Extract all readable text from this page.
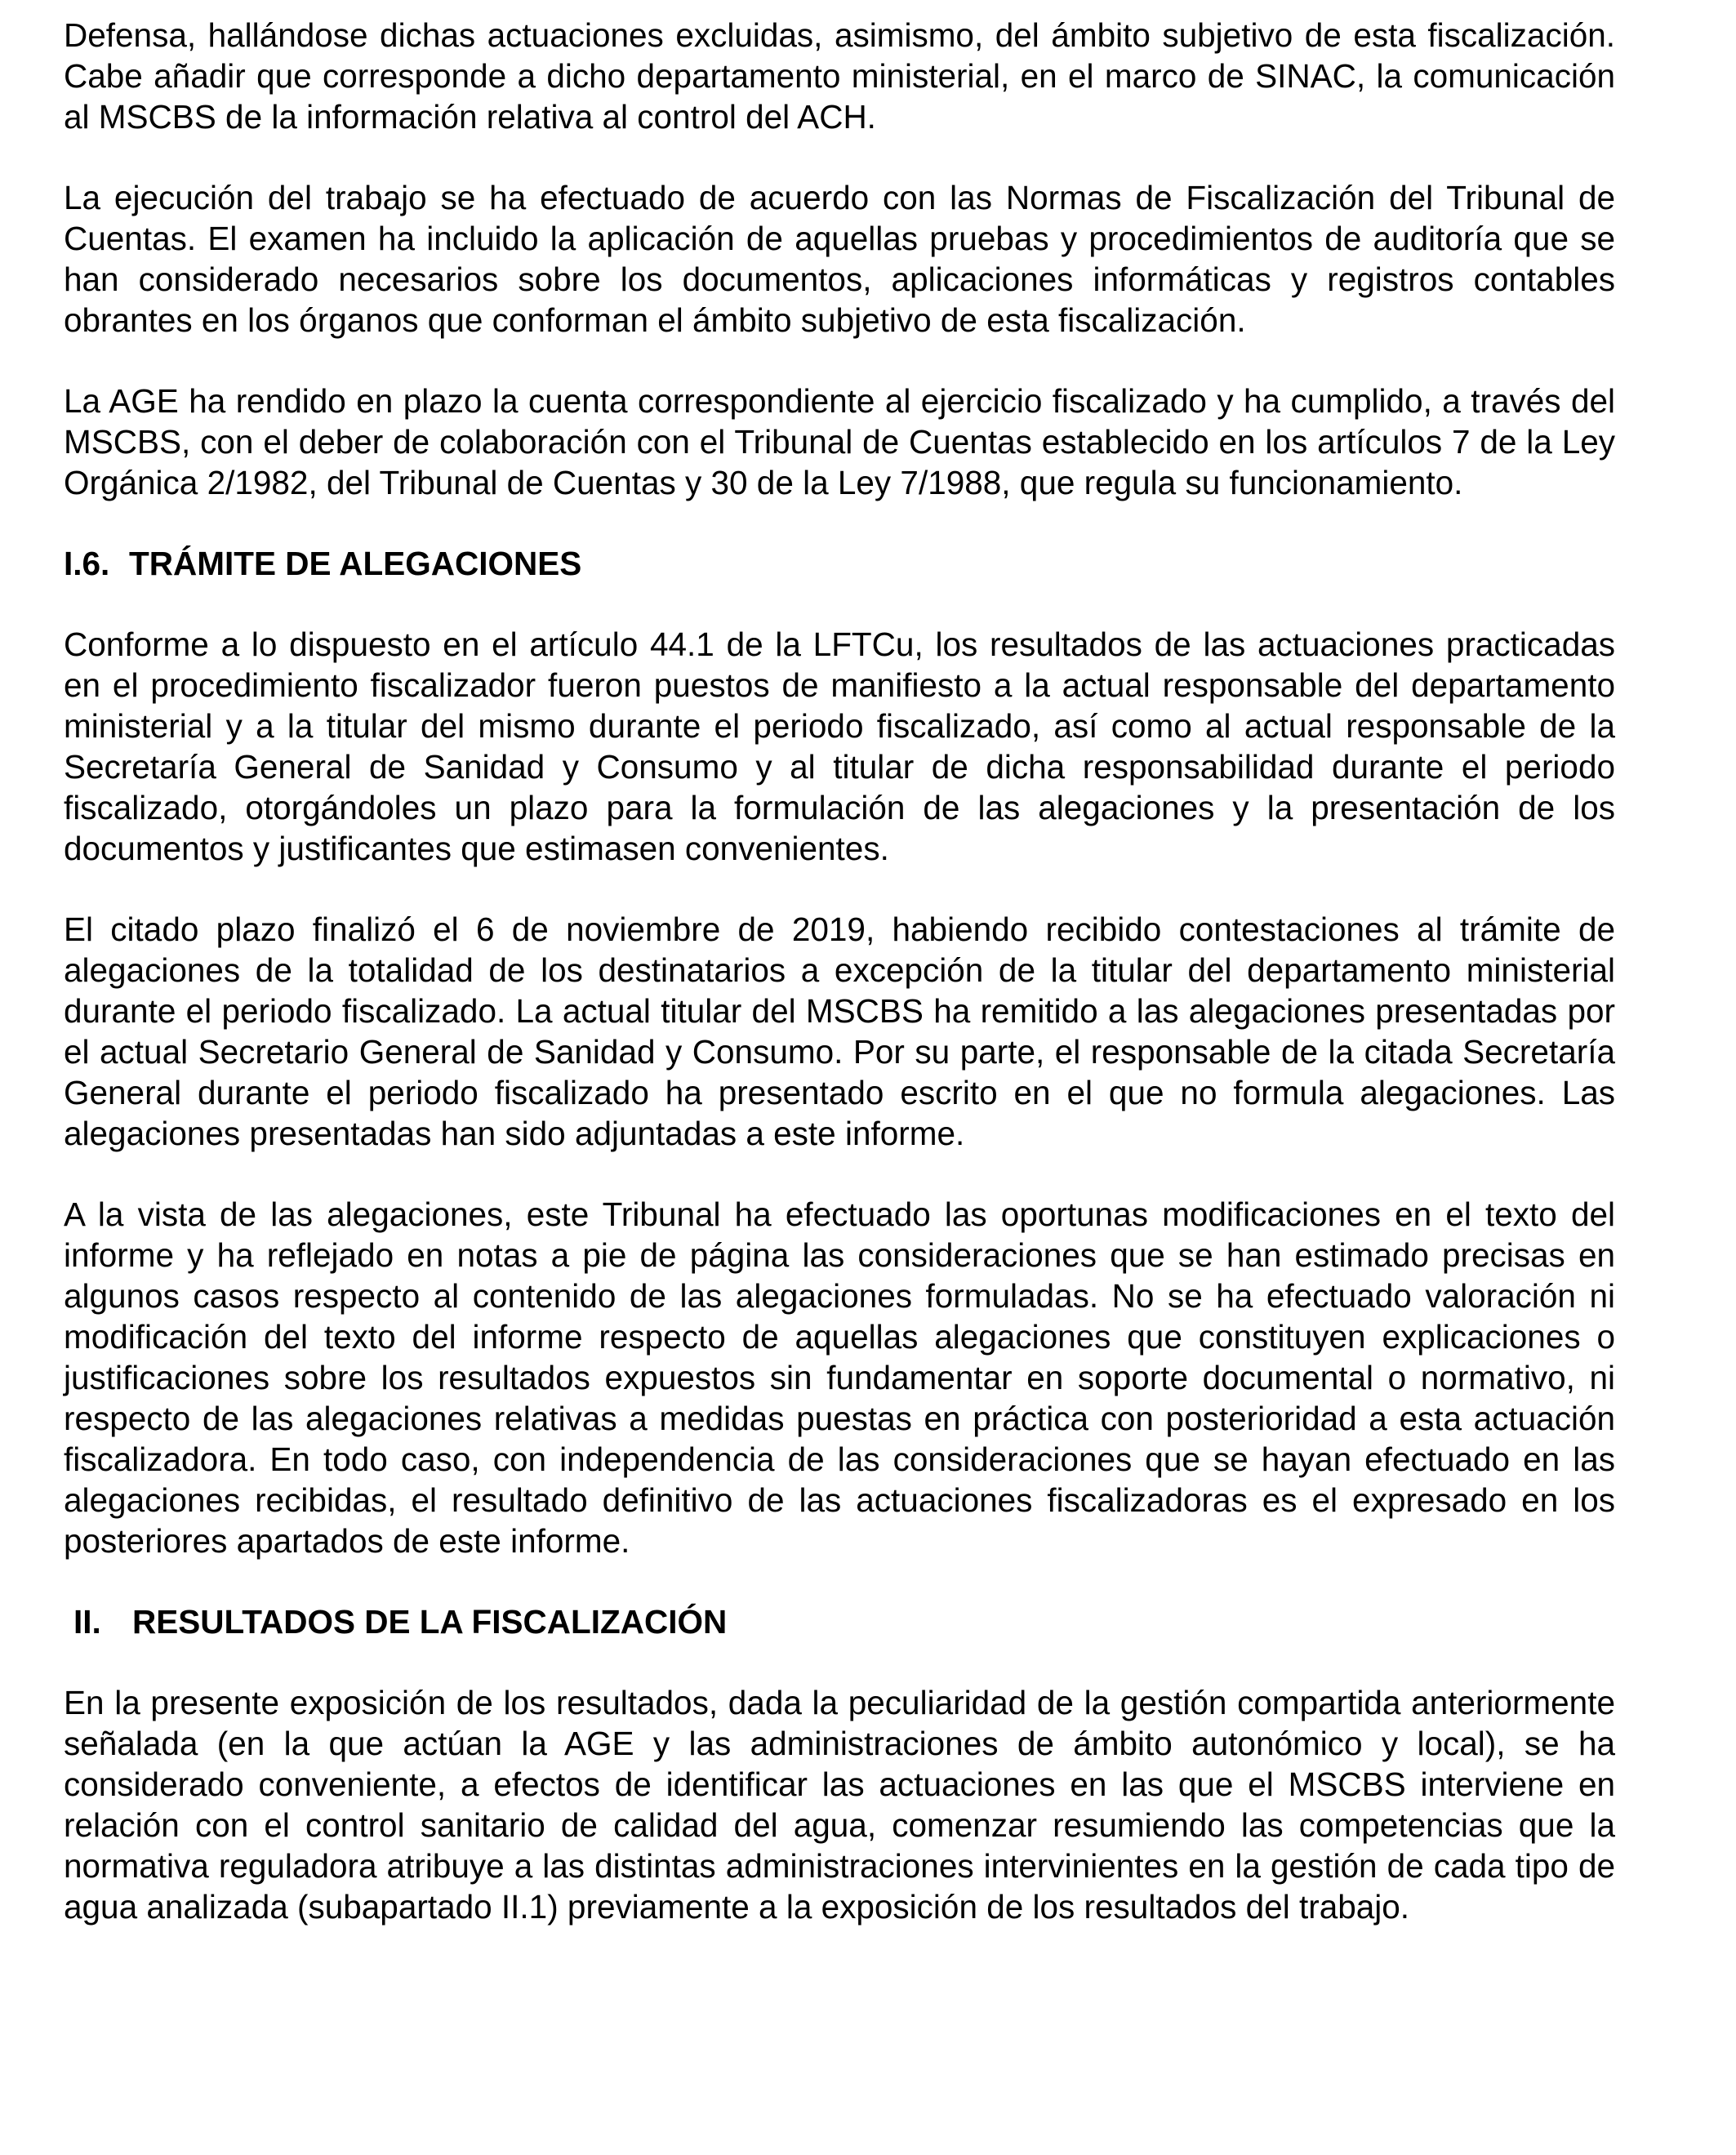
Defensa, hallándose dichas actuaciones excluidas, asimismo, del ámbito subjetivo de esta fiscalización. Cabe añadir que corresponde a dicho departamento ministerial, en el marco de SINAC, la comunicación al MSCBS de la información relativa al control del ACH.

La ejecución del trabajo se ha efectuado de acuerdo con las Normas de Fiscalización del Tribunal de Cuentas. El examen ha incluido la aplicación de aquellas pruebas y procedimientos de auditoría que se han considerado necesarios sobre los documentos, aplicaciones informáticas y registros contables obrantes en los órganos que conforman el ámbito subjetivo de esta fiscalización.

La AGE ha rendido en plazo la cuenta correspondiente al ejercicio fiscalizado y ha cumplido, a través del MSCBS, con el deber de colaboración con el Tribunal de Cuentas establecido en los artículos 7 de la Ley Orgánica 2/1982, del Tribunal de Cuentas y 30 de la Ley 7/1988, que regula su funcionamiento.

I.6. TRÁMITE DE ALEGACIONES

Conforme a lo dispuesto en el artículo 44.1 de la LFTCu, los resultados de las actuaciones practicadas en el procedimiento fiscalizador fueron puestos de manifiesto a la actual responsable del departamento ministerial y a la titular del mismo durante el periodo fiscalizado, así como al actual responsable de la Secretaría General de Sanidad y Consumo y al titular de dicha responsabilidad durante el periodo fiscalizado, otorgándoles un plazo para la formulación de las alegaciones y la presentación de los documentos y justificantes que estimasen convenientes.

El citado plazo finalizó el 6 de noviembre de 2019, habiendo recibido contestaciones al trámite de alegaciones de la totalidad de los destinatarios a excepción de la titular del departamento ministerial durante el periodo fiscalizado. La actual titular del MSCBS ha remitido a las alegaciones presentadas por el actual Secretario General de Sanidad y Consumo. Por su parte, el responsable de la citada Secretaría General durante el periodo fiscalizado ha presentado escrito en el que no formula alegaciones. Las alegaciones presentadas han sido adjuntadas a este informe.

A la vista de las alegaciones, este Tribunal ha efectuado las oportunas modificaciones en el texto del informe y ha reflejado en notas a pie de página las consideraciones que se han estimado precisas en algunos casos respecto al contenido de las alegaciones formuladas. No se ha efectuado valoración ni modificación del texto del informe respecto de aquellas alegaciones que constituyen explicaciones o justificaciones sobre los resultados expuestos sin fundamentar en soporte documental o normativo, ni respecto de las alegaciones relativas a medidas puestas en práctica con posterioridad a esta actuación fiscalizadora. En todo caso, con independencia de las consideraciones que se hayan efectuado en las alegaciones recibidas, el resultado definitivo de las actuaciones fiscalizadoras es el expresado en los posteriores apartados de este informe.

II. RESULTADOS DE LA FISCALIZACIÓN

En la presente exposición de los resultados, dada la peculiaridad de la gestión compartida anteriormente señalada (en la que actúan la AGE y las administraciones de ámbito autonómico y local), se ha considerado conveniente, a efectos de identificar las actuaciones en las que el MSCBS interviene en relación con el control sanitario de calidad del agua, comenzar resumiendo las competencias que la normativa reguladora atribuye a las distintas administraciones intervinientes en la gestión de cada tipo de agua analizada (subapartado II.1) previamente a la exposición de los resultados del trabajo.
